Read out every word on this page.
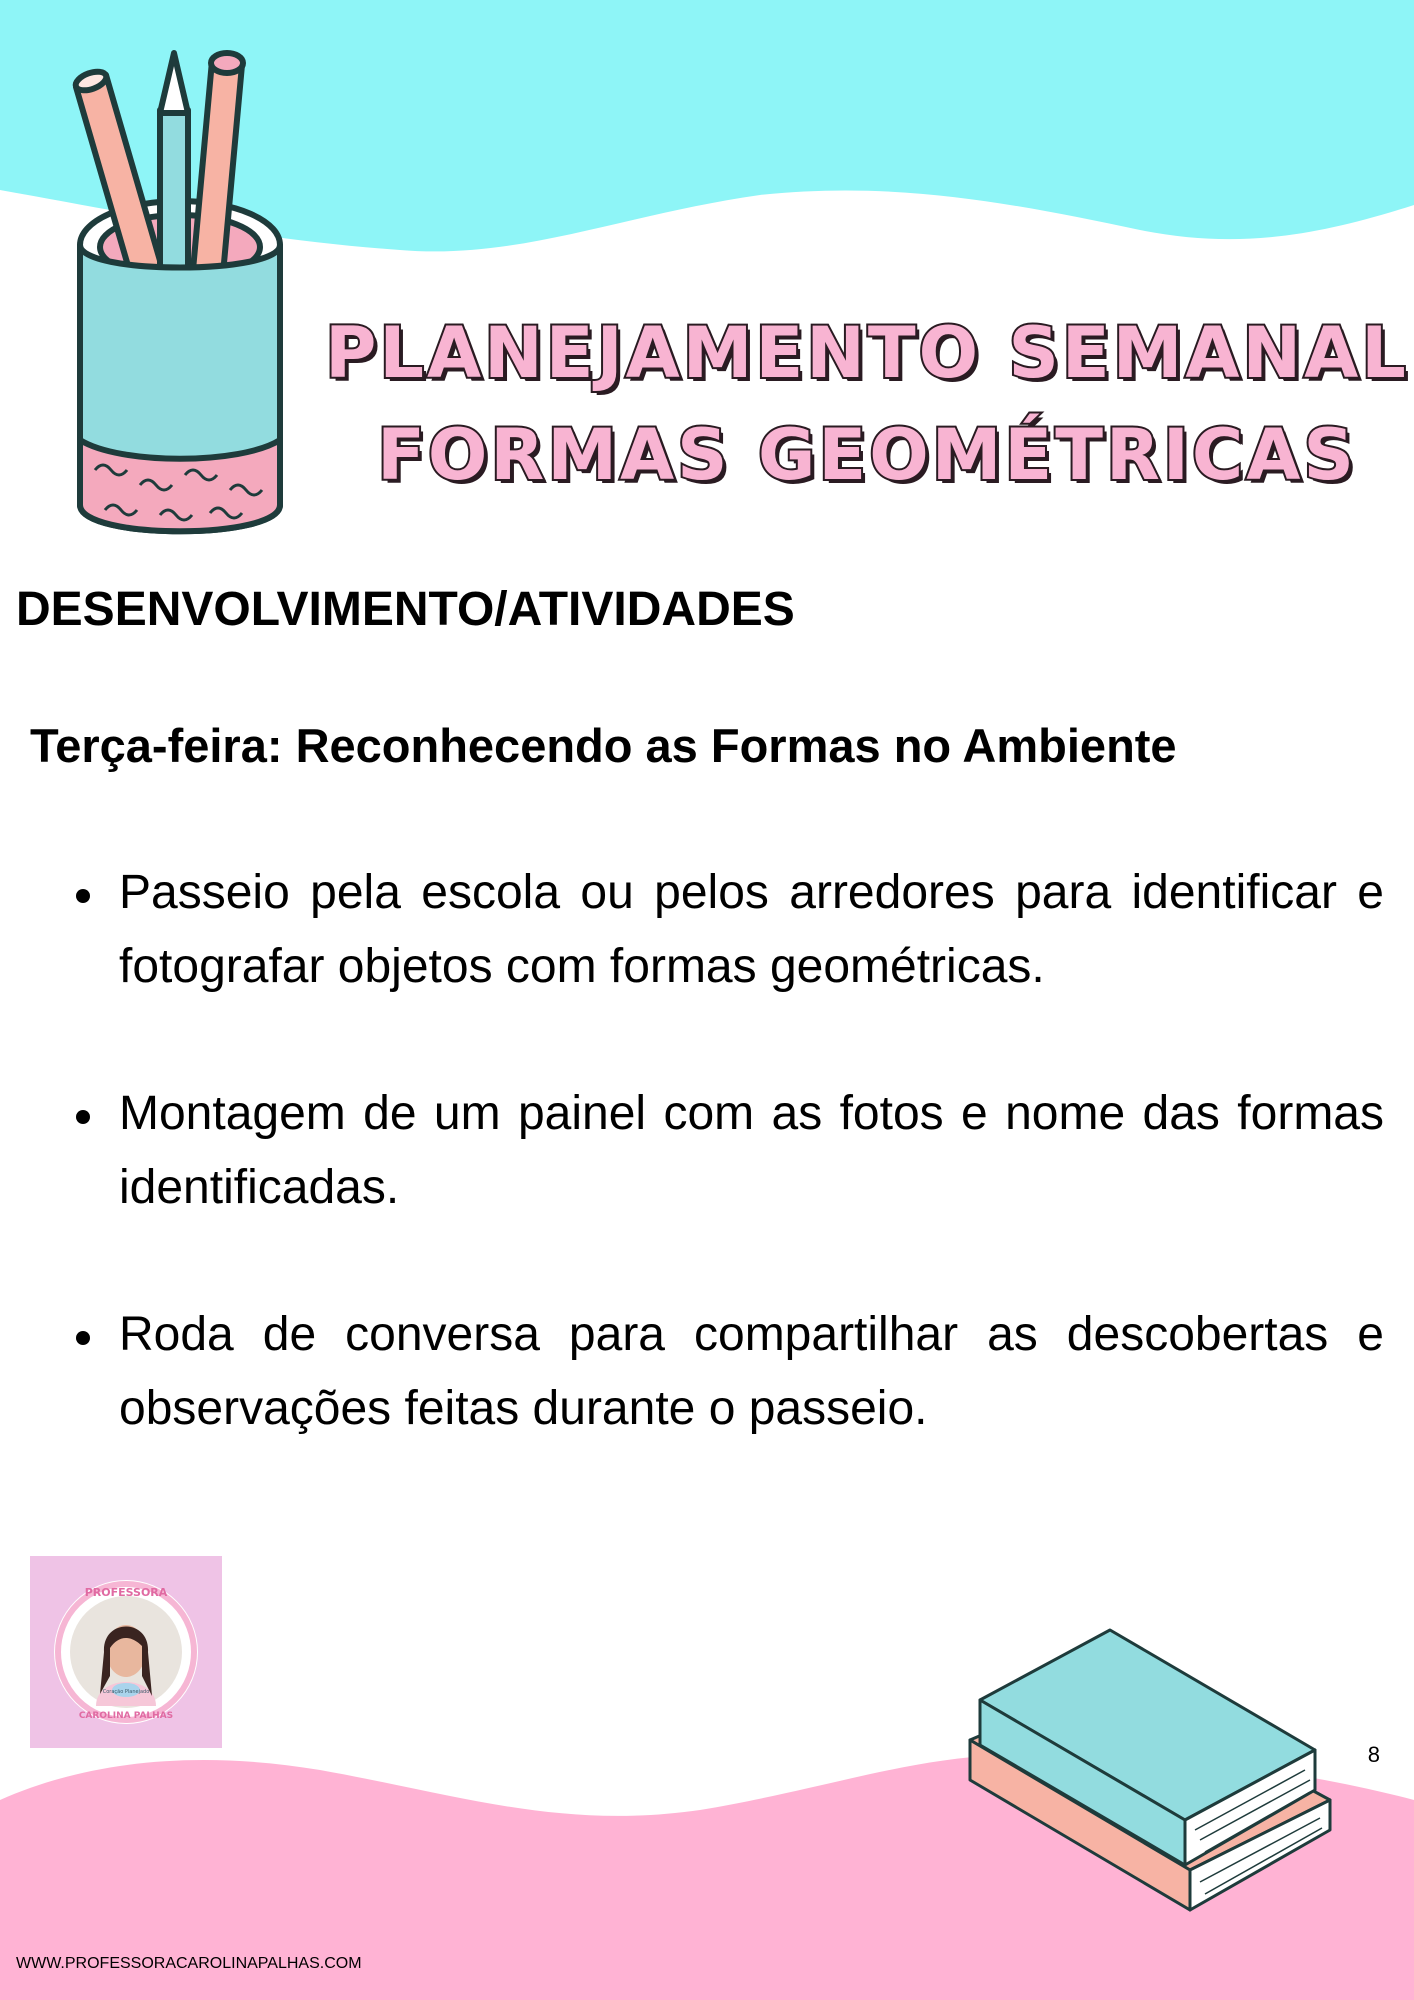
PLANEJAMENTO SEMANAL
FORMAS GEOMÉTRICAS
DESENVOLVIMENTO/ATIVIDADES
Terça-feira: Reconhecendo as Formas no Ambiente
Passeio pela escola ou pelos arredores para identificar e fotografar objetos com formas geométricas.
Montagem de um painel com as fotos e nome das formas identificadas.
Roda de conversa para compartilhar as descobertas e observações feitas durante o passeio.
PROFESSORA
CAROLINA PALHAS
Coração Planejado
8
WWW.PROFESSORACAROLINAPALHAS.COM
